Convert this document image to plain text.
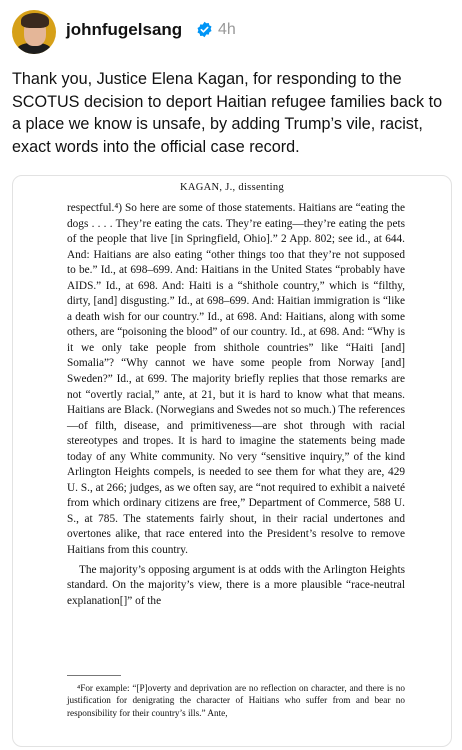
johnfugelsang 4h

Thank you, Justice Elena Kagan, for responding to the SCOTUS decision to deport Haitian refugee families back to a place we know is unsafe, by adding Trump’s vile, racist, exact words into the official case record.

KAGAN, J., dissenting

respectful.⁴) So here are some of those statements. Haitians are “eating the dogs . . . . They’re eating the cats. They’re eating—they’re eating the pets of the people that live [in Springfield, Ohio].” 2 App. 802; see id., at 644. And: Haitians are also eating “other things too that they’re not supposed to be.” Id., at 698–699. And: Haitians in the United States “probably have AIDS.” Id., at 698. And: Haiti is a “shithole country,” which is “filthy, dirty, [and] disgusting.” Id., at 698–699. And: Haitian immigration is “like a death wish for our country.” Id., at 698. And: Haitians, along with some others, are “poisoning the blood” of our country. Id., at 698. And: “Why is it we only take people from shithole countries” like “Haiti [and] Somalia”? “Why cannot we have some people from Norway [and] Sweden?” Id., at 699. The majority briefly replies that those remarks are not “overtly racial,” ante, at 21, but it is hard to know what that means. Haitians are Black. (Norwegians and Swedes not so much.) The references—of filth, disease, and primitiveness—are shot through with racial stereotypes and tropes. It is hard to imagine the statements being made today of any White community. No very “sensitive inquiry,” of the kind Arlington Heights compels, is needed to see them for what they are, 429 U. S., at 266; judges, as we often say, are “not required to exhibit a naiveté from which ordinary citizens are free,” Department of Commerce, 588 U. S., at 785. The statements fairly shout, in their racial undertones and overtones alike, that race entered into the President’s resolve to remove Haitians from this country.

The majority’s opposing argument is at odds with the Arlington Heights standard. On the majority’s view, there is a more plausible “race-neutral explanation[]” of the

⁴For example: “[P]overty and deprivation are no reflection on character, and there is no justification for denigrating the character of Haitians who suffer from and bear no responsibility for their country’s ills.” Ante,
